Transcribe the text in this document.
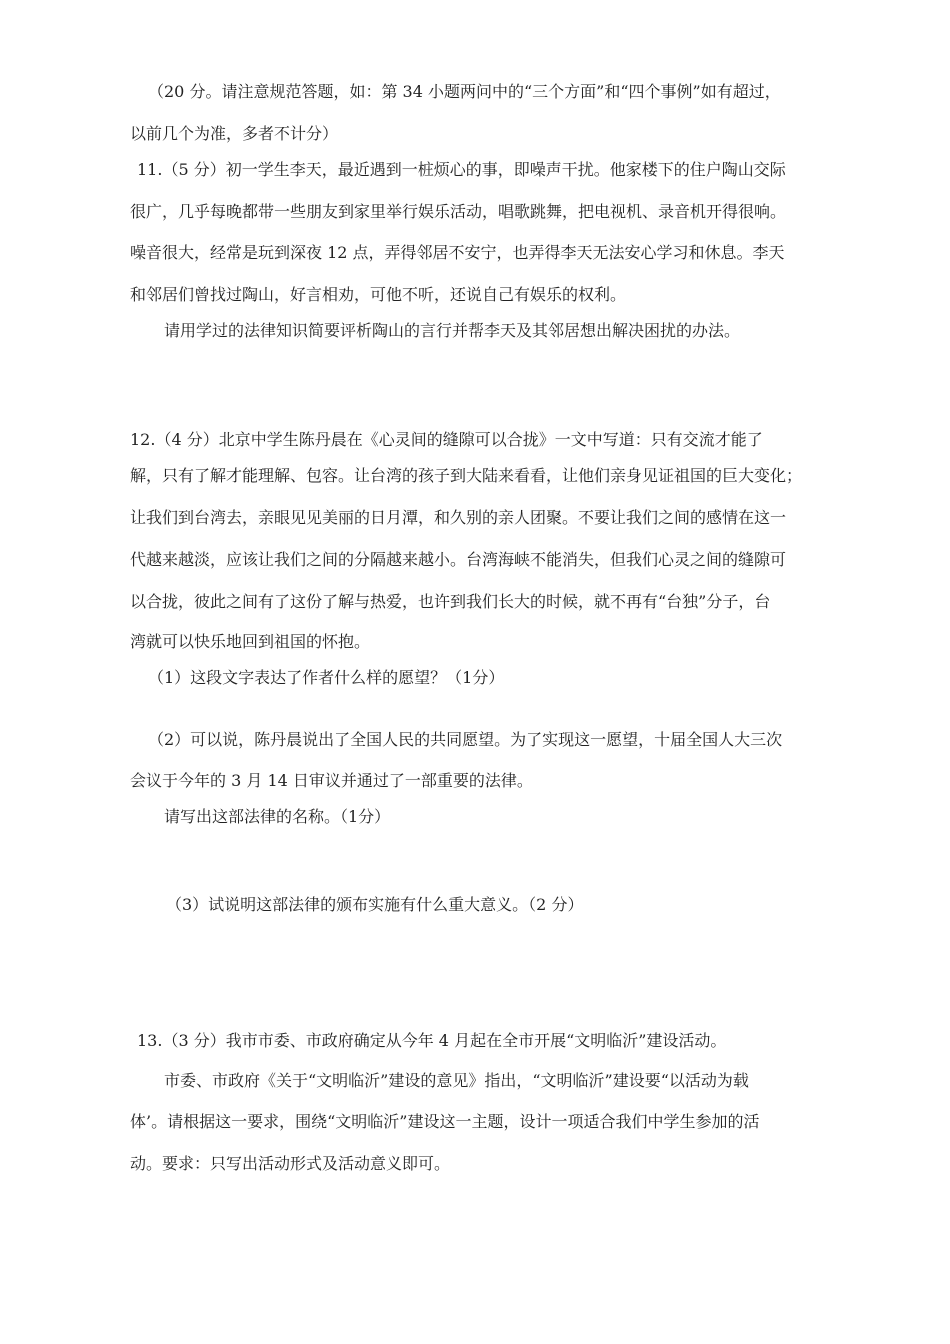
（20 分。请注意规范答题，如：第 34 小题两问中的“三个方面”和“四个事例”如有超过，

以前几个为准，多者不计分）

11.（5 分）初一学生李天，最近遇到一桩烦心的事，即噪声干扰。他家楼下的住户陶山交际

很广，几乎每晚都带一些朋友到家里举行娱乐活动，唱歌跳舞，把电视机、录音机开得很响。

噪音很大，经常是玩到深夜 12 点，弄得邻居不安宁，也弄得李天无法安心学习和休息。李天

和邻居们曾找过陶山，好言相劝，可他不听，还说自己有娱乐的权利。

请用学过的法律知识简要评析陶山的言行并帮李天及其邻居想出解决困扰的办法。

12.（4 分）北京中学生陈丹晨在《心灵间的缝隙可以合拢》一文中写道：只有交流才能了

解，只有了解才能理解、包容。让台湾的孩子到大陆来看看，让他们亲身见证祖国的巨大变化；

让我们到台湾去，亲眼见见美丽的日月潭，和久别的亲人团聚。不要让我们之间的感情在这一

代越来越淡，应该让我们之间的分隔越来越小。台湾海峡不能消失，但我们心灵之间的缝隙可

以合拢，彼此之间有了这份了解与热爱，也许到我们长大的时候，就不再有“台独”分子，台

湾就可以快乐地回到祖国的怀抱。

（1）这段文字表达了作者什么样的愿望？（1分）

（2）可以说，陈丹晨说出了全国人民的共同愿望。为了实现这一愿望，十届全国人大三次

会议于今年的 3 月 14 日审议并通过了一部重要的法律。

请写出这部法律的名称。（1分）

（3）试说明这部法律的颁布实施有什么重大意义。（2 分）

13.（3 分）我市市委、市政府确定从今年 4 月起在全市开展“文明临沂”建设活动。

市委、市政府《关于“文明临沂”建设的意见》指出，“文明临沂”建设要“以活动为载

体’。请根据这一要求，围绕“文明临沂”建设这一主题，设计一项适合我们中学生参加的活

动。要求：只写出活动形式及活动意义即可。
